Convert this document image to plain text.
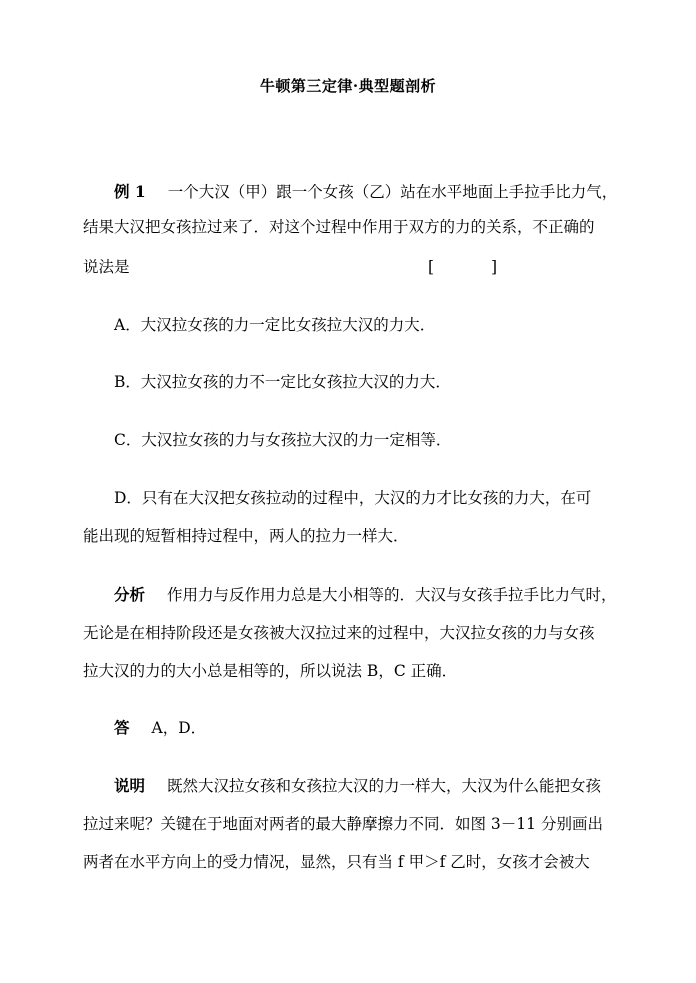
牛顿第三定律·典型题剖析
例 1 一个大汉（甲）跟一个女孩（乙）站在水平地面上手拉手比力气，
结果大汉把女孩拉过来了．对这个过程中作用于双方的力的关系，不正确的
说法是	[	]
A．大汉拉女孩的力一定比女孩拉大汉的力大．
B．大汉拉女孩的力不一定比女孩拉大汉的力大．
C．大汉拉女孩的力与女孩拉大汉的力一定相等．
D．只有在大汉把女孩拉动的过程中，大汉的力才比女孩的力大，在可
能出现的短暂相持过程中，两人的拉力一样大．
分析 作用力与反作用力总是大小相等的．大汉与女孩手拉手比力气时，
无论是在相持阶段还是女孩被大汉拉过来的过程中，大汉拉女孩的力与女孩
拉大汉的力的大小总是相等的，所以说法 B，C 正确．
答 A，D．
说明 既然大汉拉女孩和女孩拉大汉的力一样大，大汉为什么能把女孩
拉过来呢？关键在于地面对两者的最大静摩擦力不同．如图 3－11 分别画出
两者在水平方向上的受力情况，显然，只有当 f 甲＞f 乙时，女孩才会被大
